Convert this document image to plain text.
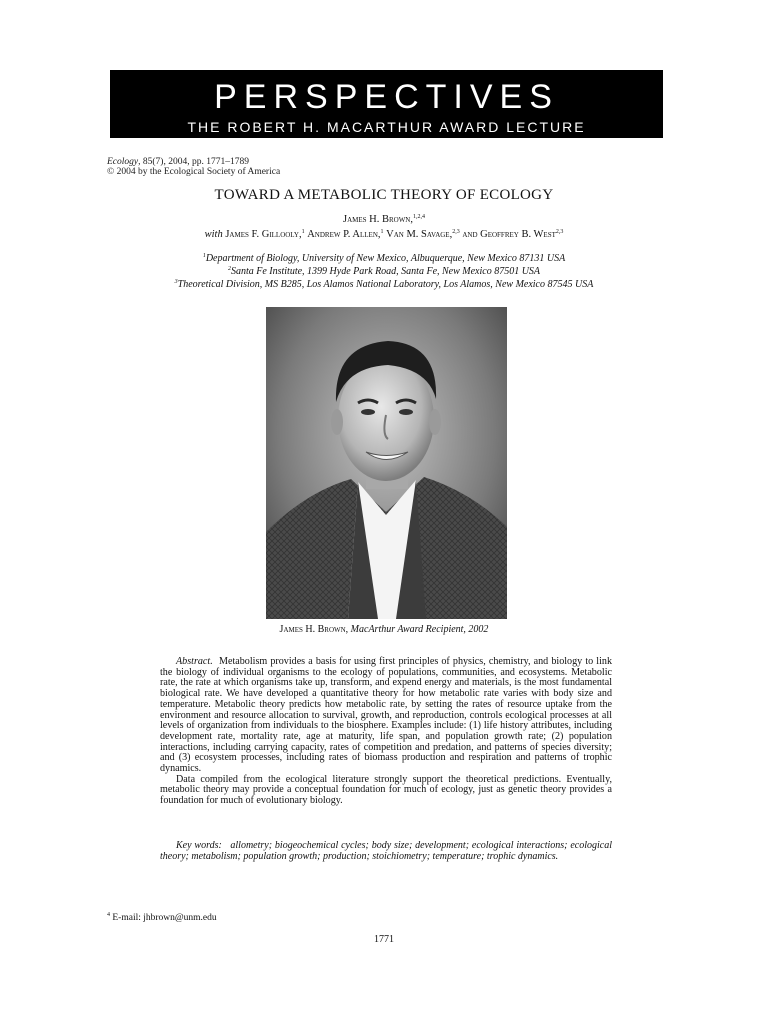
PERSPECTIVES
THE ROBERT H. MACARTHUR AWARD LECTURE
Ecology, 85(7), 2004, pp. 1771–1789
© 2004 by the Ecological Society of America
TOWARD A METABOLIC THEORY OF ECOLOGY
James H. Brown,$^{1,2,4}$
with James F. Gillooly,$^1$ Andrew P. Allen,$^1$ Van M. Savage,$^{2,3}$ and Geoffrey B. West$^{2,3}$
$^1$Department of Biology, University of New Mexico, Albuquerque, New Mexico 87131 USA
$^2$Santa Fe Institute, 1399 Hyde Park Road, Santa Fe, New Mexico 87501 USA
$^3$Theoretical Division, MS B285, Los Alamos National Laboratory, Los Alamos, New Mexico 87545 USA
James H. Brown, MacArthur Award Recipient, 2002

Abstract. Metabolism provides a basis for using first principles of physics, chemistry, and biology to link the biology of individual organisms to the ecology of populations, communities, and ecosystems. Metabolic rate, the rate at which organisms take up, transform, and expend energy and materials, is the most fundamental biological rate. We have developed a quantitative theory for how metabolic rate varies with body size and temperature. Metabolic theory predicts how metabolic rate, by setting the rates of resource uptake from the environment and resource allocation to survival, growth, and reproduction, controls ecological processes at all levels of organization from individuals to the biosphere. Examples include: (1) life history attributes, including development rate, mortality rate, age at maturity, life span, and population growth rate; (2) population interactions, including carrying capacity, rates of competition and predation, and patterns of species diversity; and (3) ecosystem processes, including rates of biomass production and respiration and patterns of trophic dynamics.

Data compiled from the ecological literature strongly support the theoretical predictions. Eventually, metabolic theory may provide a conceptual foundation for much of ecology, just as genetic theory provides a foundation for much of evolutionary biology.

Key words: allometry; biogeochemical cycles; body size; development; ecological interactions; ecological theory; metabolism; population growth; production; stoichiometry; temperature; trophic dynamics.
$^4$ E-mail: jhbrown@unm.edu
1771
